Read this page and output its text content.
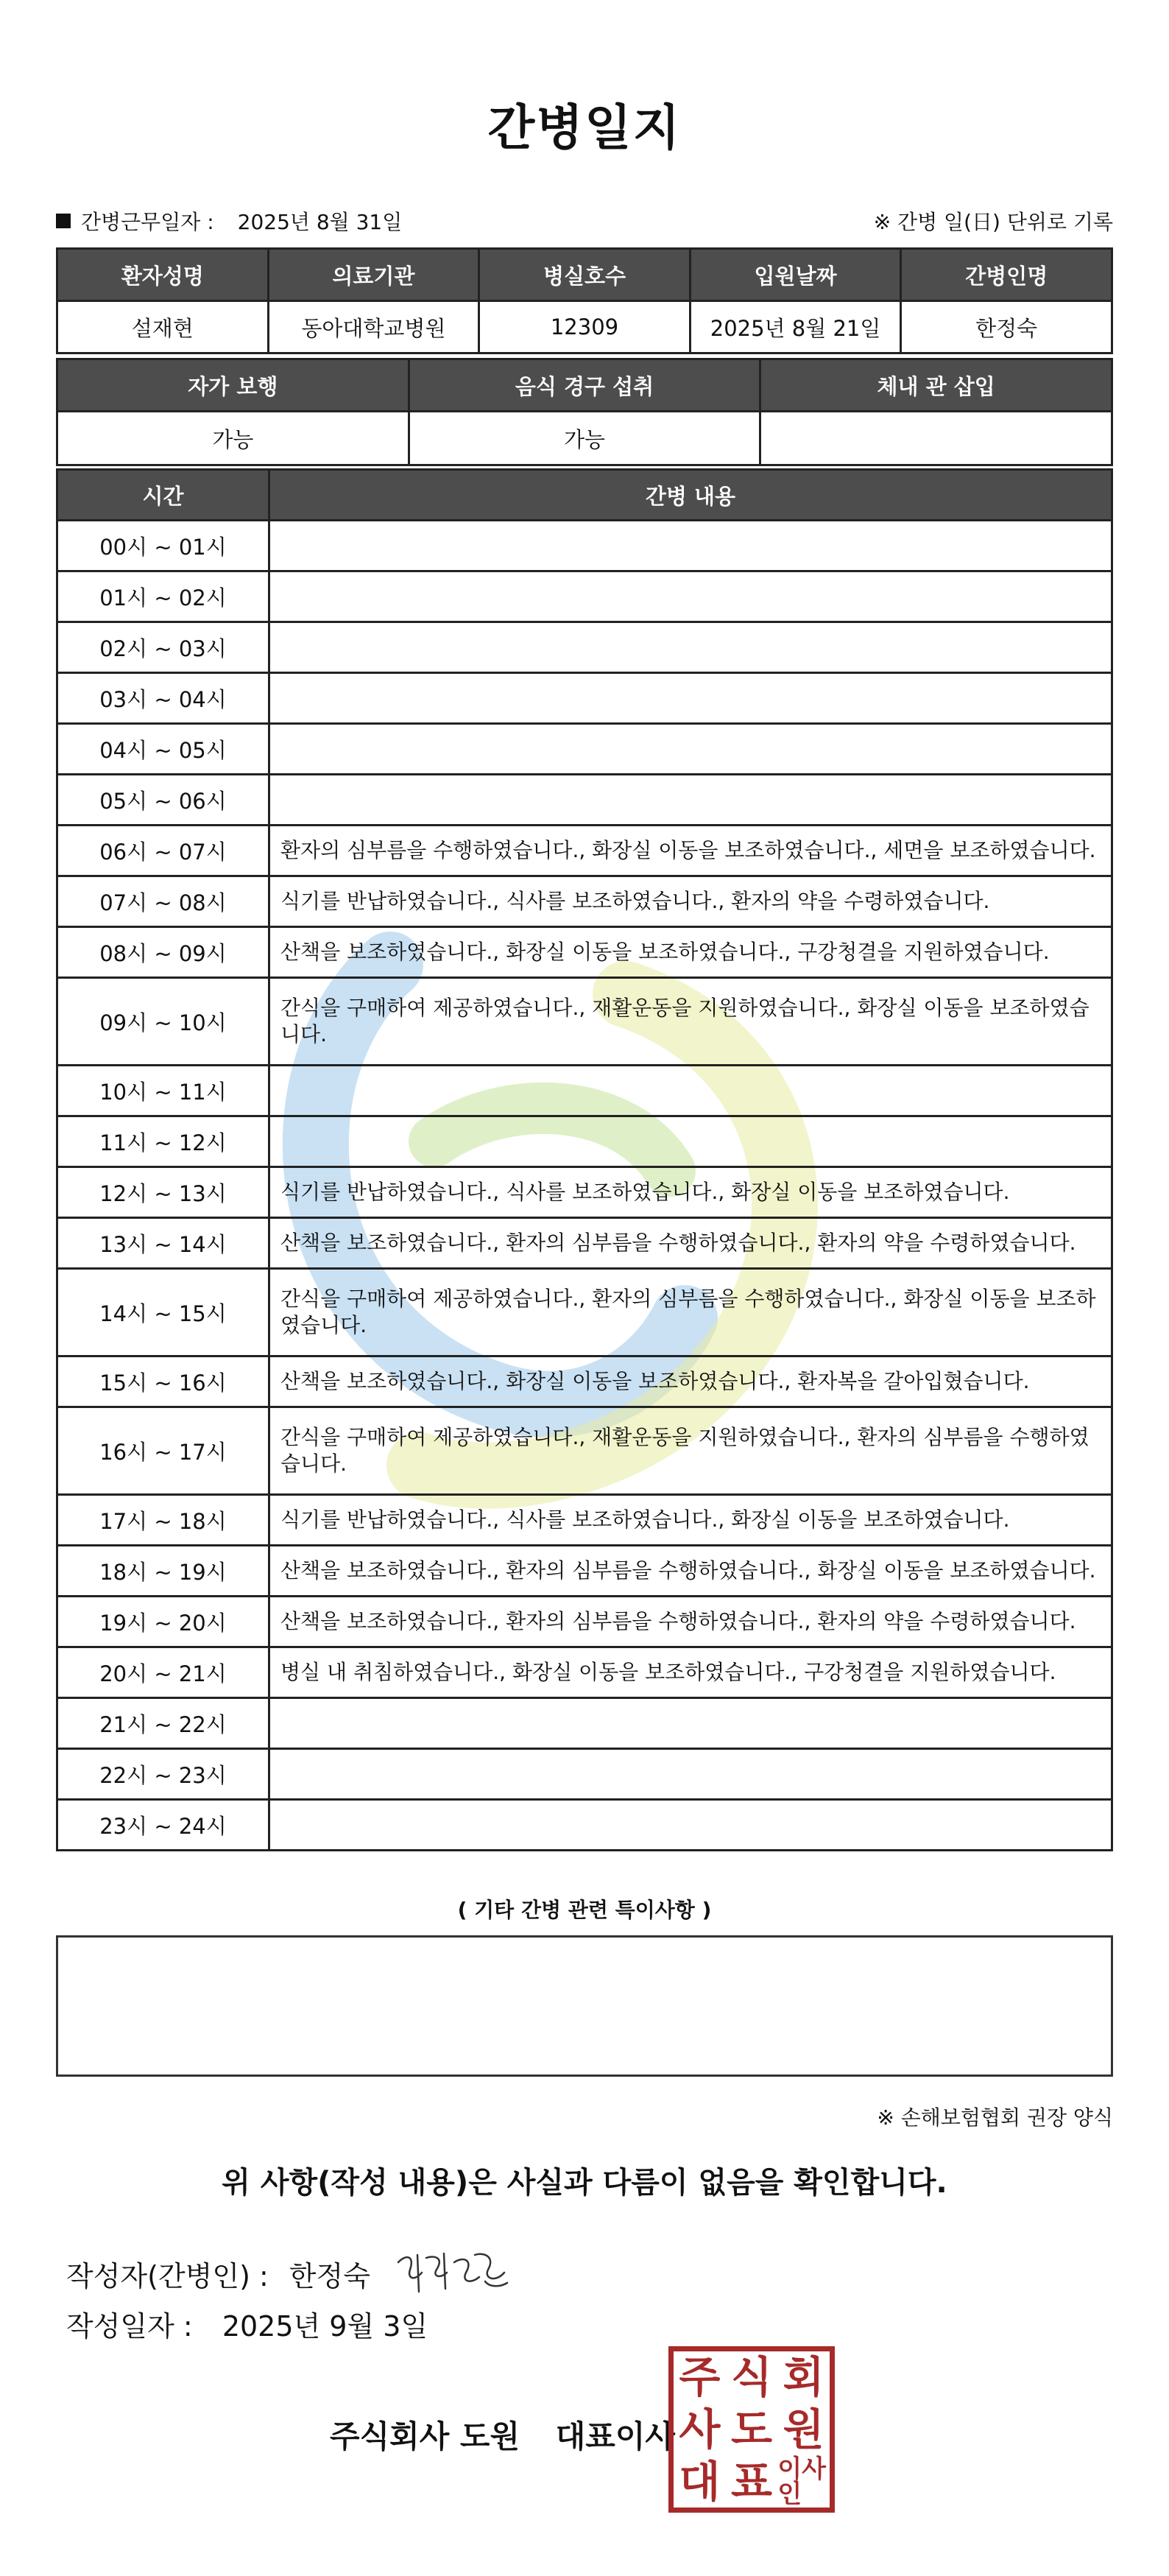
간병일지
간병근무일자 : 2025년 8월 31일	※ 간병 일(日) 단위로 기록
환자성명	의료기관	병실호수	입원날짜	간병인명
설재현	동아대학교병원	12309	2025년 8월 21일	한정숙
자가 보행	음식 경구 섭취	체내 관 삽입
가능	가능	
시간	간병 내용
00시 ~ 01시	
01시 ~ 02시	
02시 ~ 03시	
03시 ~ 04시	
04시 ~ 05시	
05시 ~ 06시	
06시 ~ 07시	환자의 심부름을 수행하였습니다., 화장실 이동을 보조하였습니다., 세면을 보조하였습니다.
07시 ~ 08시	식기를 반납하였습니다., 식사를 보조하였습니다., 환자의 약을 수령하였습니다.
08시 ~ 09시	산책을 보조하였습니다., 화장실 이동을 보조하였습니다., 구강청결을 지원하였습니다.
09시 ~ 10시	간식을 구매하여 제공하였습니다., 재활운동을 지원하였습니다., 화장실 이동을 보조하였습니다.
10시 ~ 11시	
11시 ~ 12시	
12시 ~ 13시	식기를 반납하였습니다., 식사를 보조하였습니다., 화장실 이동을 보조하였습니다.
13시 ~ 14시	산책을 보조하였습니다., 환자의 심부름을 수행하였습니다., 환자의 약을 수령하였습니다.
14시 ~ 15시	간식을 구매하여 제공하였습니다., 환자의 심부름을 수행하였습니다., 화장실 이동을 보조하였습니다.
15시 ~ 16시	산책을 보조하였습니다., 화장실 이동을 보조하였습니다., 환자복을 갈아입혔습니다.
16시 ~ 17시	간식을 구매하여 제공하였습니다., 재활운동을 지원하였습니다., 환자의 심부름을 수행하였습니다.
17시 ~ 18시	식기를 반납하였습니다., 식사를 보조하였습니다., 화장실 이동을 보조하였습니다.
18시 ~ 19시	산책을 보조하였습니다., 환자의 심부름을 수행하였습니다., 화장실 이동을 보조하였습니다.
19시 ~ 20시	산책을 보조하였습니다., 환자의 심부름을 수행하였습니다., 환자의 약을 수령하였습니다.
20시 ~ 21시	병실 내 취침하였습니다., 화장실 이동을 보조하였습니다., 구강청결을 지원하였습니다.
21시 ~ 22시	
22시 ~ 23시	
23시 ~ 24시	
( 기타 간병 관련 특이사항 )
※ 손해보험협회 권장 양식
위 사항(작성 내용)은 사실과 다름이 없음을 확인합니다.
작성자(간병인) : 한정숙
작성일자 : 2025년 9월 3일
주식회사 도원 대표이사
주 식 회
사 도 원
대 표 이사인
